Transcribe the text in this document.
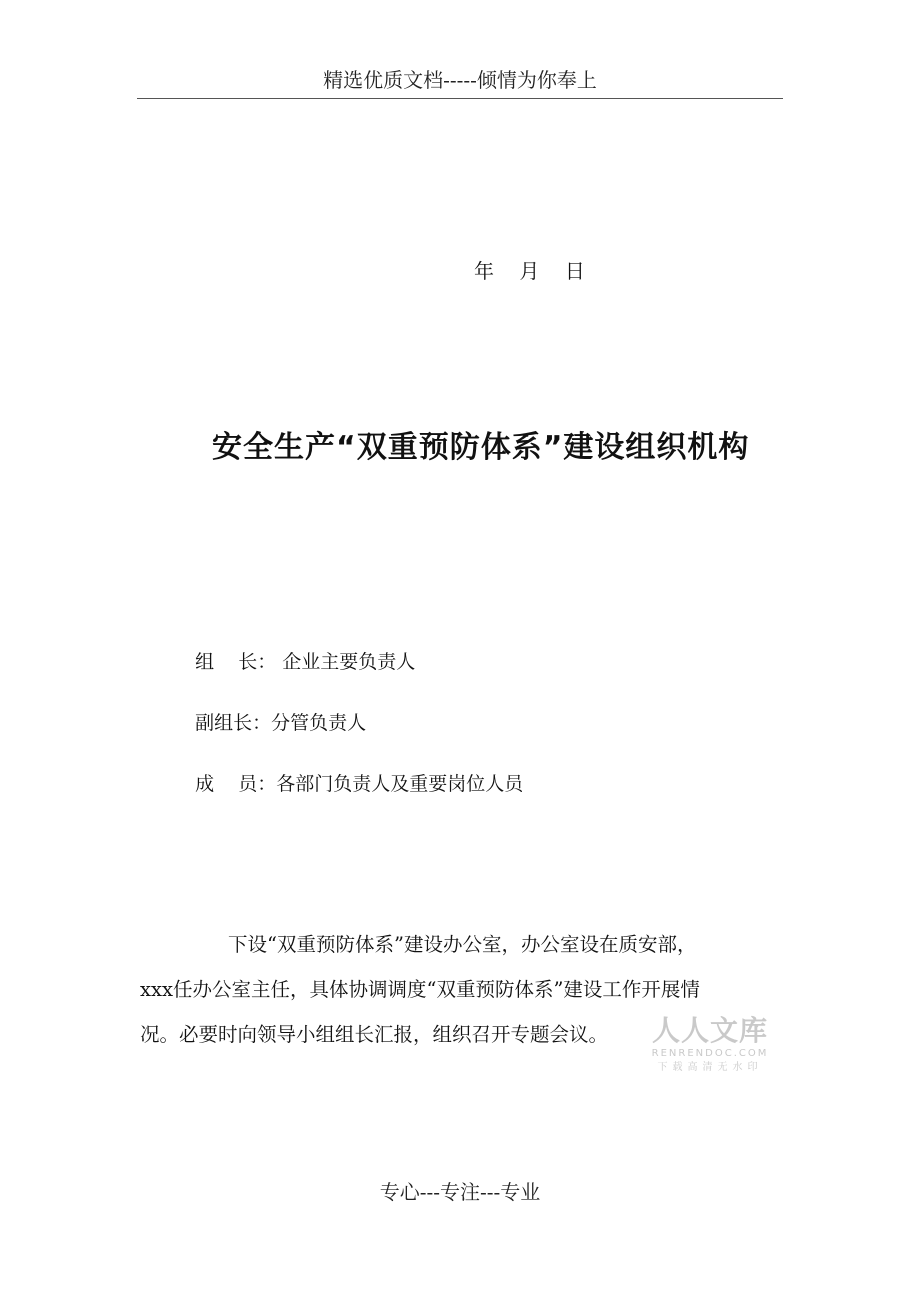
精选优质文档-----倾情为你奉上
年    月    日
安全生产“双重预防体系”建设组织机构

组    长： 企业主要负责人

副组长：分管负责人

成    员：各部门负责人及重要岗位人员

下设“双重预防体系”建设办公室，办公室设在质安部，
xxx任办公室主任，具体协调调度“双重预防体系”建设工作开展情
况。必要时向领导小组组长汇报，组织召开专题会议。	人人文库
RENRENDOC.COM
下载高清无水印
专心---专注---专业
